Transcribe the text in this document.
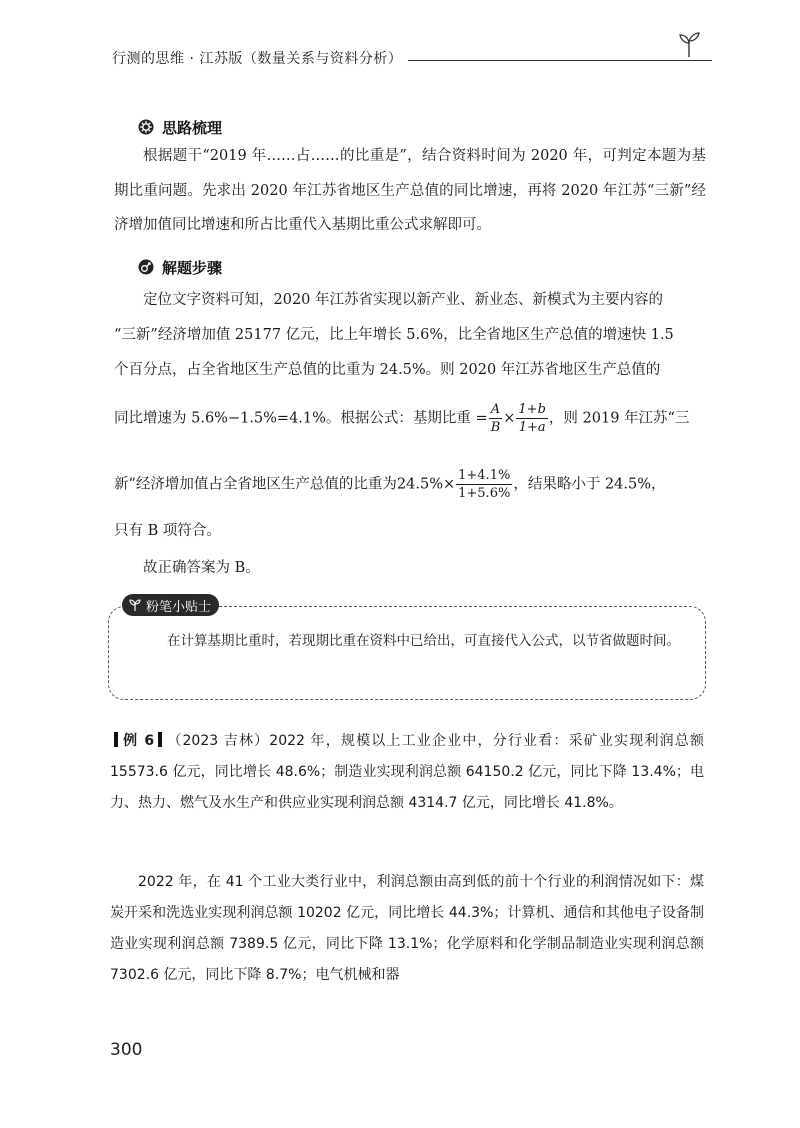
行测的思维 · 江苏版（数量关系与资料分析）
思路梳理

根据题干“2019 年……占……的比重是”，结合资料时间为 2020 年，可判定本题为基期比重问题。先求出 2020 年江苏省地区生产总值的同比增速，再将 2020 年江苏“三新”经济增加值同比增速和所占比重代入基期比重公式求解即可。

解题步骤
定位文字资料可知，2020 年江苏省实现以新产业、新业态、新模式为主要内容的
“三新”经济增加值 25177 亿元，比上年增长 5.6%，比全省地区生产总值的增速快 1.5
个百分点，占全省地区生产总值的比重为 24.5%。则 2020 年江苏省地区生产总值的
同比增速为 5.6%−1.5%=4.1%。根据公式：基期比重 = $\frac{A}{B} \times \frac{1+b}{1+a}$ ，则 2019 年江苏“三
新”经济增加值占全省地区生产总值的比重为$24.5\%\times \frac{1+4.1\%}{1+5.6\%}$ ，结果略小于 24.5%，
只有 B 项符合。
故正确答案为 B。
粉笔小贴士

在计算基期比重时，若现期比重在资料中已给出，可直接代入公式，以节省做题时间。

例 6 （2023 吉林）2022 年，规模以上工业企业中，分行业看：采矿业实现利润总额 15573.6 亿元，同比增长 48.6%；制造业实现利润总额 64150.2 亿元，同比下降 13.4%；电力、热力、燃气及水生产和供应业实现利润总额 4314.7 亿元，同比增长 41.8%。

2022 年，在 41 个工业大类行业中，利润总额由高到低的前十个行业的利润情况如下：煤炭开采和洗选业实现利润总额 10202 亿元，同比增长 44.3%；计算机、通信和其他电子设备制造业实现利润总额 7389.5 亿元，同比下降 13.1%；化学原料和化学制品制造业实现利润总额 7302.6 亿元，同比下降 8.7%；电气机械和器

300
